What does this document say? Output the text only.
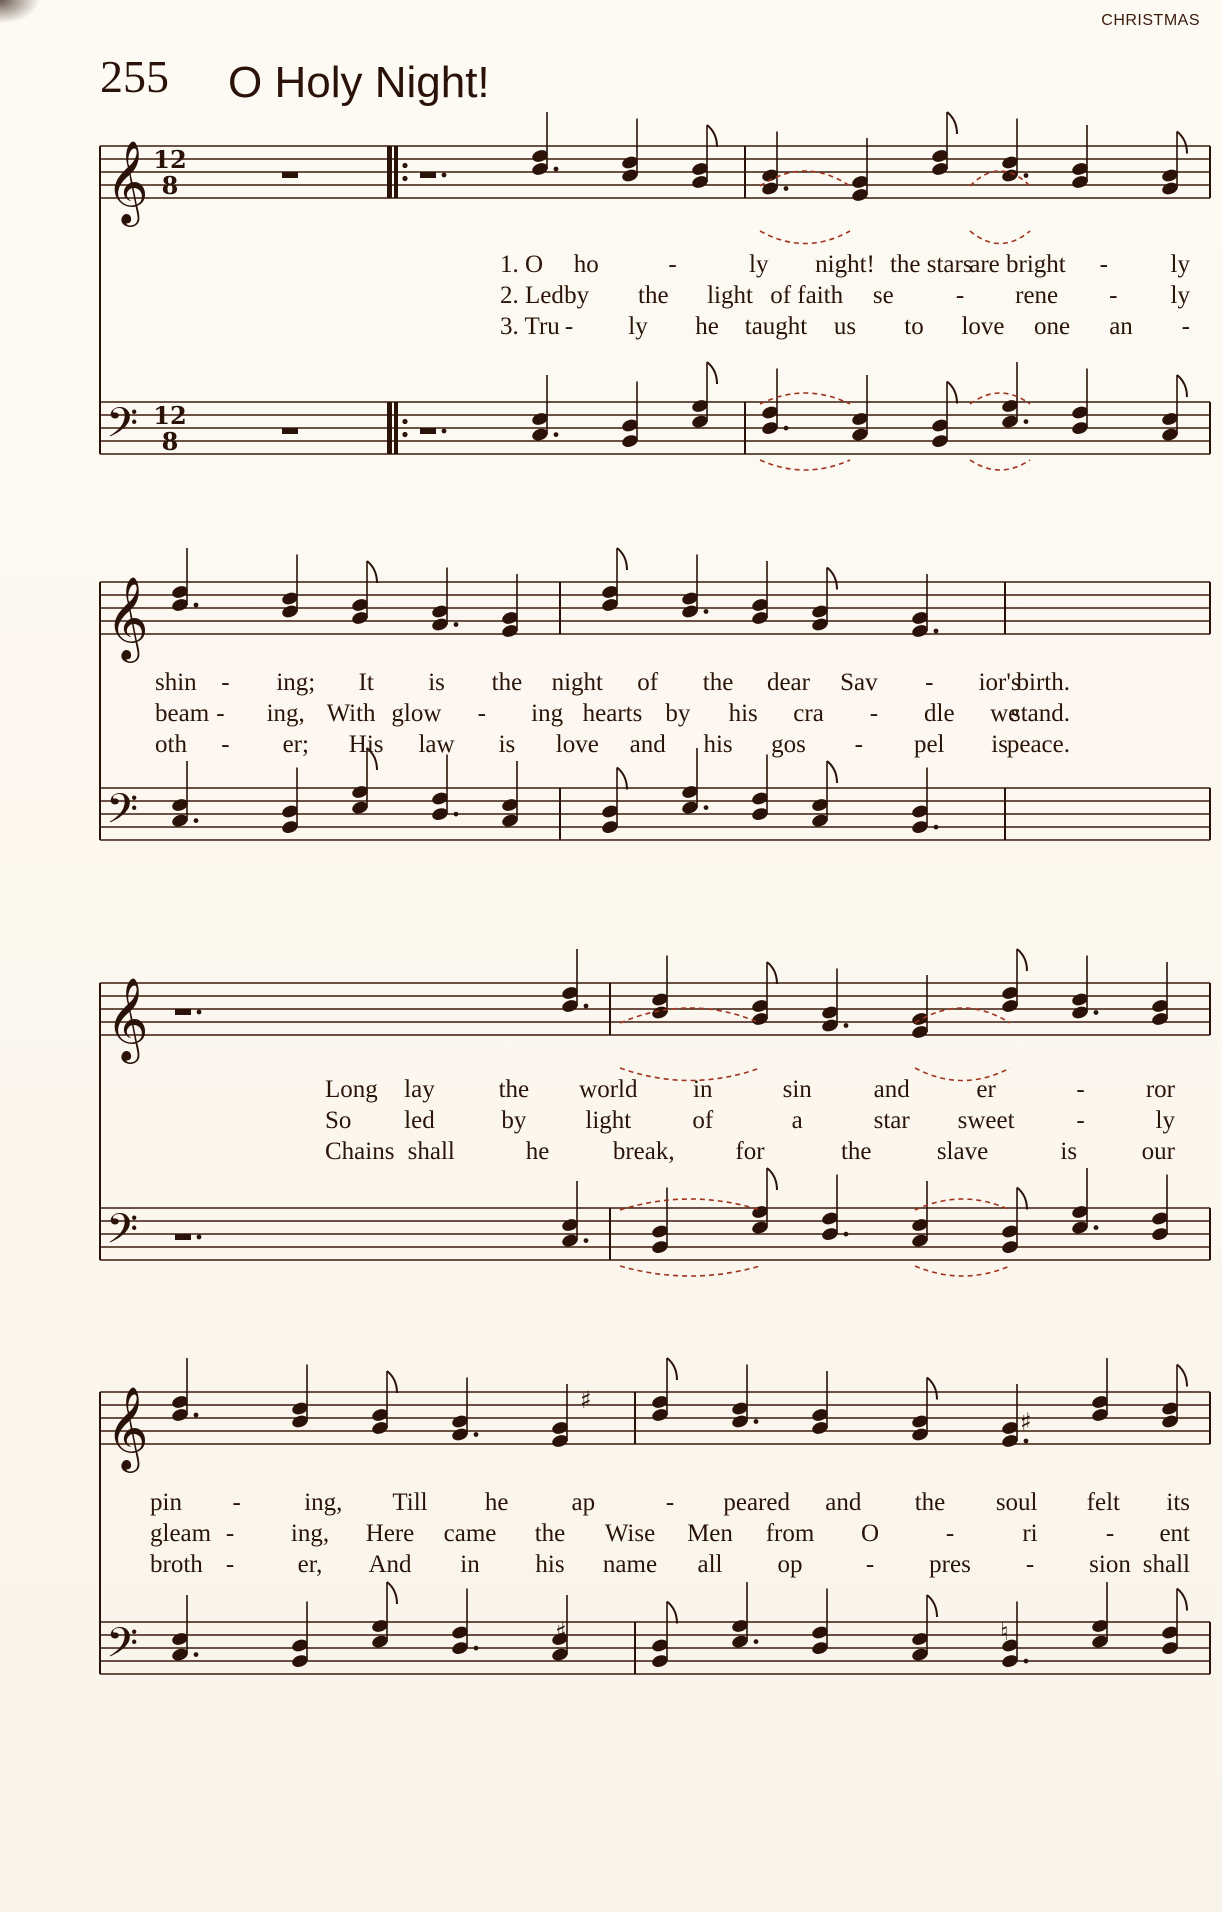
CHRISTMAS
255 O Holy Night!
𝄞
𝄢
𝄞
𝄢
𝄞
𝄢
𝄞
𝄢
12
8
12
8
♯
♯
♯	♮
1. O ho	-	ly night! the stars
are bright -	ly
2. Led by the light of faith se - rene - ly
3. Tru - ly he taught us to love one an -
shin - ing; It is the night of the dear Sav - ior's
birth.
beam - ing, With glow - ing hearts by his cra - dle we
stand.
oth - er; His law is love and his gos - pel is
peace.
Long lay	the world in	sin and	er	- ror
So led	by light of	a	star sweet -	ly
Chains shall	he	break, for	the	slave	is	our
pin -	ing, Till he	ap	- peared and the soul felt its
gleam - ing, Here came the Wise Men from O	-	ri	- ent
broth -	er, And in his name all op	- pres - sion shall
